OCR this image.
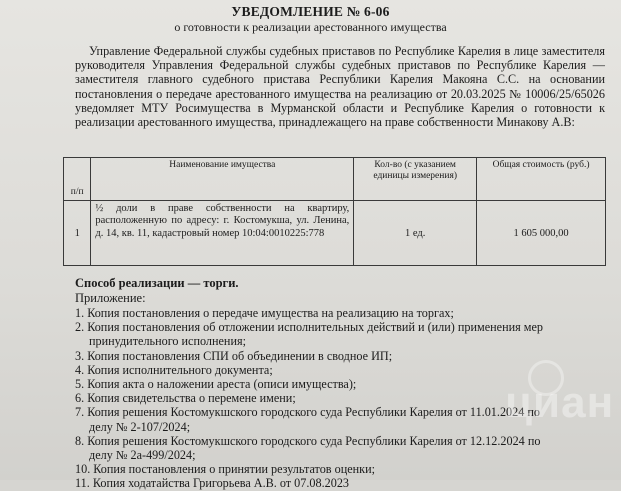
УВЕДОМЛЕНИЕ № 6-06
о готовности к реализации арестованного имущества
Управление Федеральной службы судебных приставов по Республике Карелия в лице заместителя руководителя Управления Федеральной службы судебных приставов по Республике Карелия — заместителя главного судебного пристава Республики Карелия Макояна С.С. на основании постановления о передаче арестованного имущества на реализацию от 20.03.2025 № 10006/25/65026 уведомляет МТУ Росимущества в Мурманской области и Республике Карелия о готовности к реализации арестованного имущества, принадлежащего на праве собственности Минакову А.В:
п/п	Наименование имущества	Кол-во (с указанием единицы измерения)	Общая стоимость (руб.)
1	½ доли в праве собственности на квартиру, расположенную по адресу: г. Костомукша, ул. Ленина, д. 14, кв. 11, кадастровый номер 10:04:0010225:778	1 ед.	1 605 000,00
Способ реализации — торги.
Приложение:
1. Копия постановления о передаче имущества на реализацию на торгах;
2. Копия постановления об отложении исполнительных действий и (или) применения мер
принудительного исполнения;
3. Копия постановления СПИ об объединении в сводное ИП;
4. Копия исполнительного документа;
5. Копия акта о наложении ареста (описи имущества);
6. Копия свидетельства о перемене имени;
7. Копия решения Костомукшского городского суда Республики Карелия от 11.01.2024 по
делу № 2-107/2024;
8. Копия решения Костомукшского городского суда Республики Карелия от 12.12.2024 по
делу № 2а-499/2024;
10. Копия постановления о принятии результатов оценки;
11. Копия ходатайства Григорьева А.В. от 07.08.2023
циан
